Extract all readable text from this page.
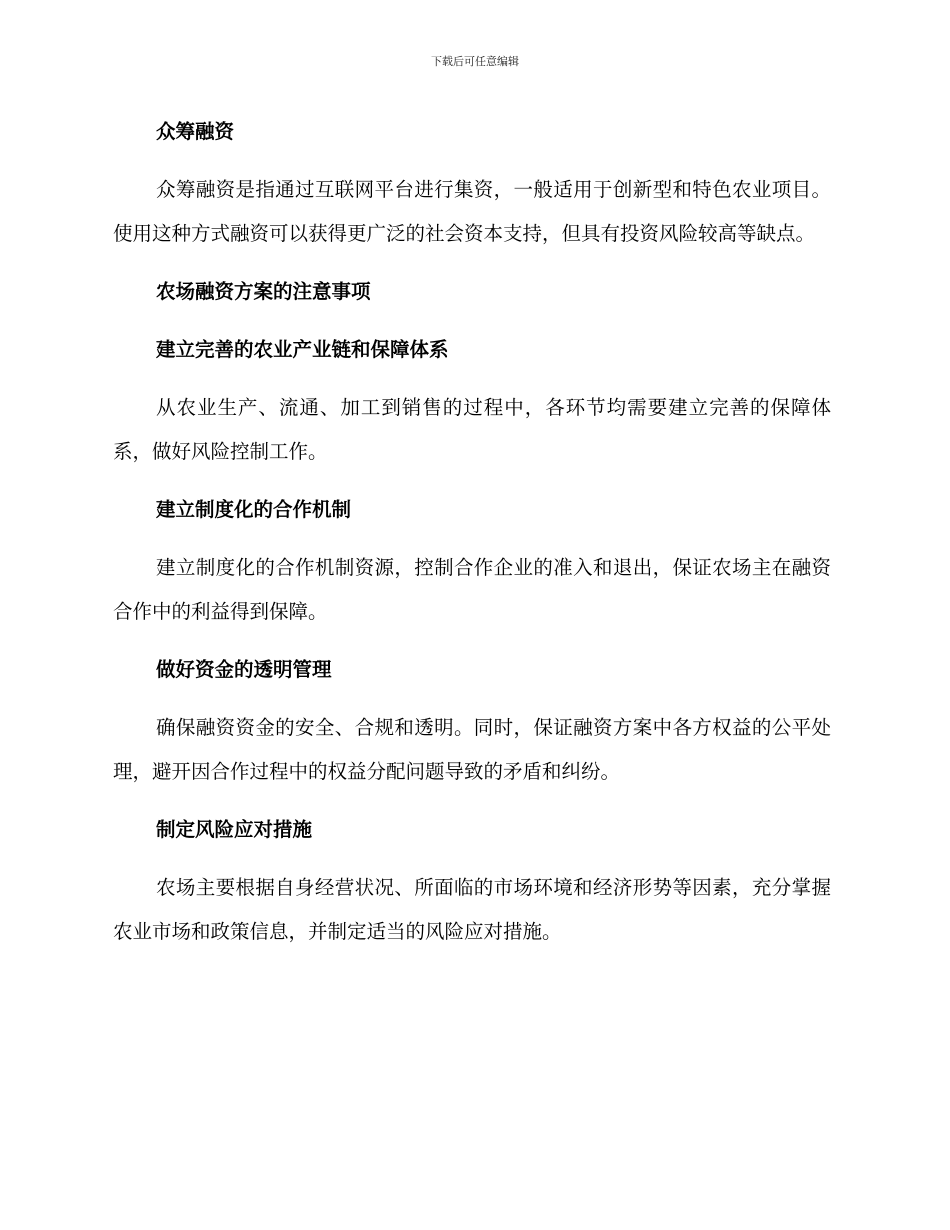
下载后可任意编辑
众筹融资
众筹融资是指通过互联网平台进行集资，一般适用于创新型和特色农业项目。使用这种方式融资可以获得更广泛的社会资本支持，但具有投资风险较高等缺点。
农场融资方案的注意事项
建立完善的农业产业链和保障体系
从农业生产、流通、加工到销售的过程中，各环节均需要建立完善的保障体系，做好风险控制工作。
建立制度化的合作机制
建立制度化的合作机制资源，控制合作企业的准入和退出，保证农场主在融资合作中的利益得到保障。
做好资金的透明管理
确保融资资金的安全、合规和透明。同时，保证融资方案中各方权益的公平处理，避开因合作过程中的权益分配问题导致的矛盾和纠纷。
制定风险应对措施
农场主要根据自身经营状况、所面临的市场环境和经济形势等因素，充分掌握农业市场和政策信息，并制定适当的风险应对措施。
